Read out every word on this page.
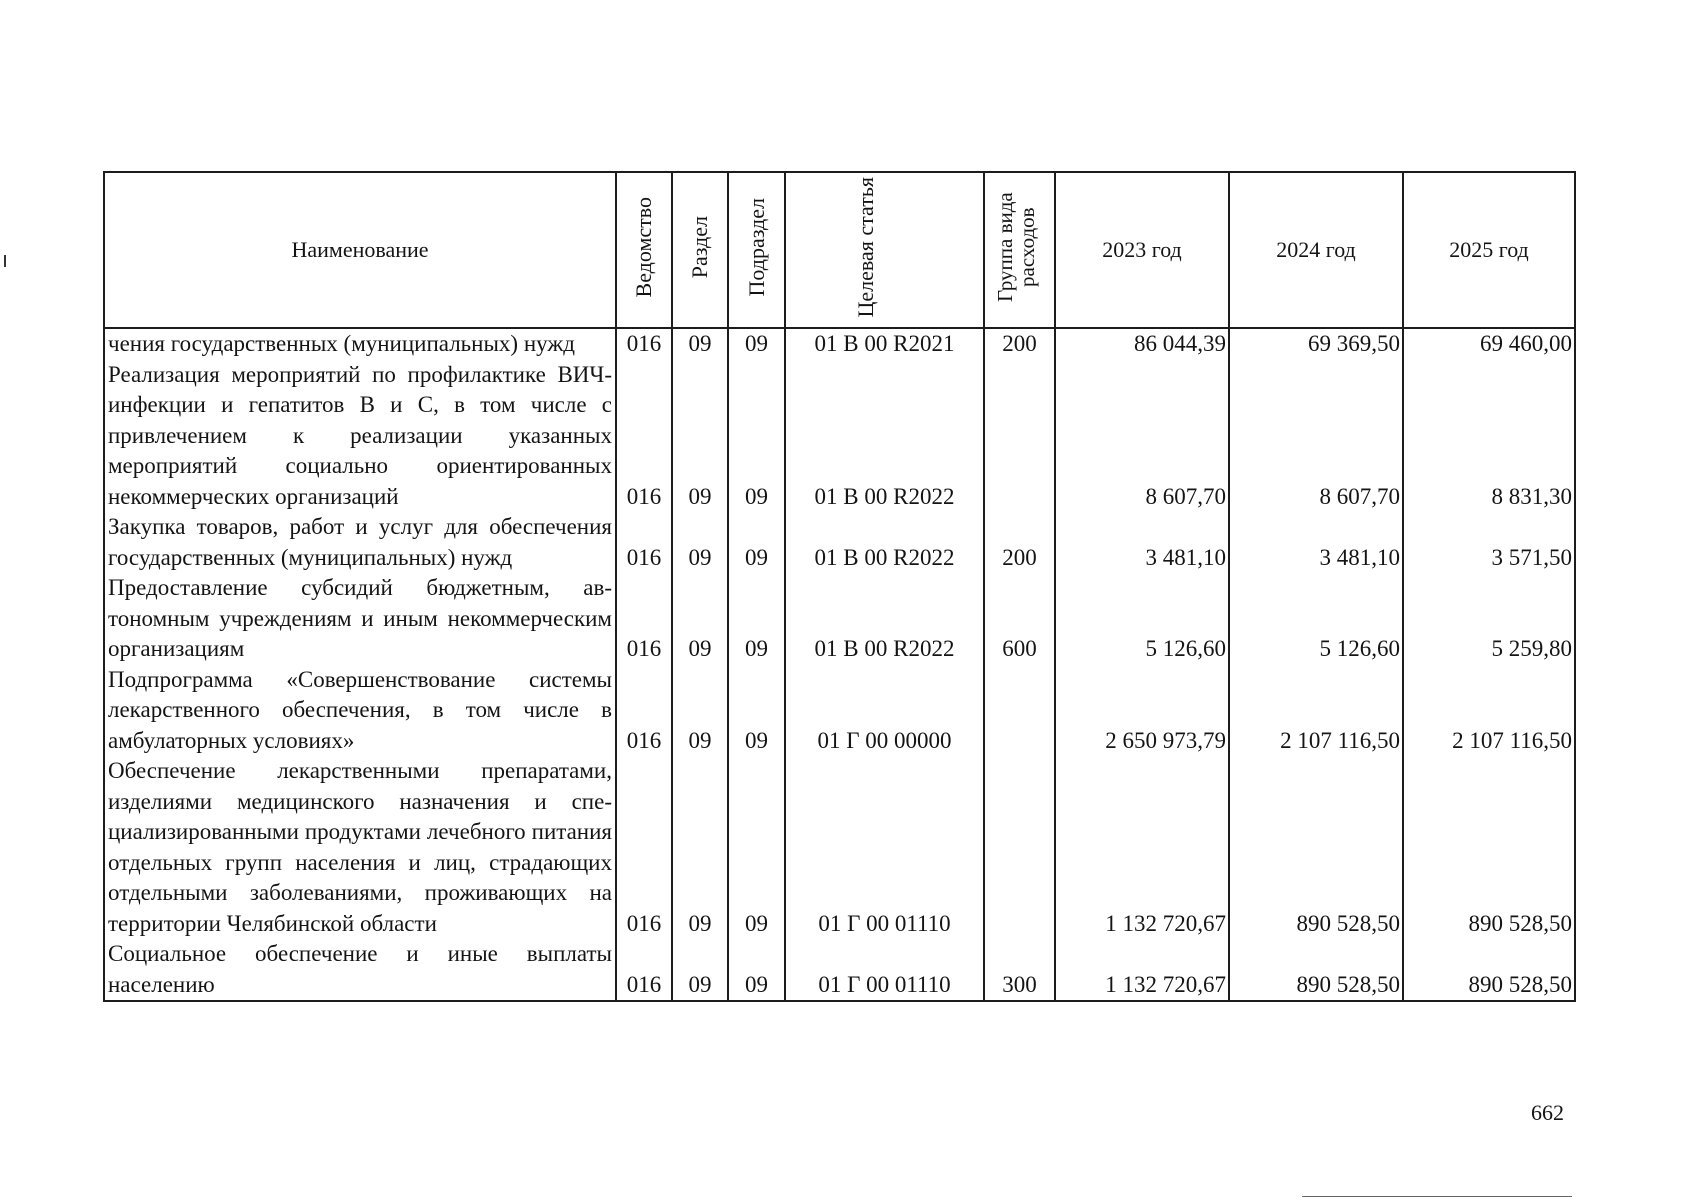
Наименование	Ведомство	Раздел	Подраздел	Целевая статья	Группа вида расходов	2023 год	2024 год	2025 год
чения государственных (муниципальных) нужд	016	09	09	01 В 00 R2021	200	86 044,39	69 369,50	69 460,00
Реализация мероприятий по профилактике ВИЧ-инфекции и гепатитов В и С, в том числе с привлечением к реализации указанных мероприятий социально ориентированных некоммерческих организаций	016	09	09	01 В 00 R2022		8 607,70	8 607,70	8 831,30
Закупка товаров, работ и услуг для обеспечения государственных (муниципальных) нужд	016	09	09	01 В 00 R2022	200	3 481,10	3 481,10	3 571,50
Предоставление субсидий бюджетным, автономным учреждениям и иным некоммерческим организациям	016	09	09	01 В 00 R2022	600	5 126,60	5 126,60	5 259,80
Подпрограмма «Совершенствование системы лекарственного обеспечения, в том числе в амбулаторных условиях»	016	09	09	01 Г 00 00000		2 650 973,79	2 107 116,50	2 107 116,50
Обеспечение лекарственными препаратами, изделиями медицинского назначения и специализированными продуктами лечебного питания отдельных групп населения и лиц, страдающих отдельными заболеваниями, проживающих на территории Челябинской области	016	09	09	01 Г 00 01110		1 132 720,67	890 528,50	890 528,50
Социальное обеспечение и иные выплаты населению	016	09	09	01 Г 00 01110	300	1 132 720,67	890 528,50	890 528,50
662
